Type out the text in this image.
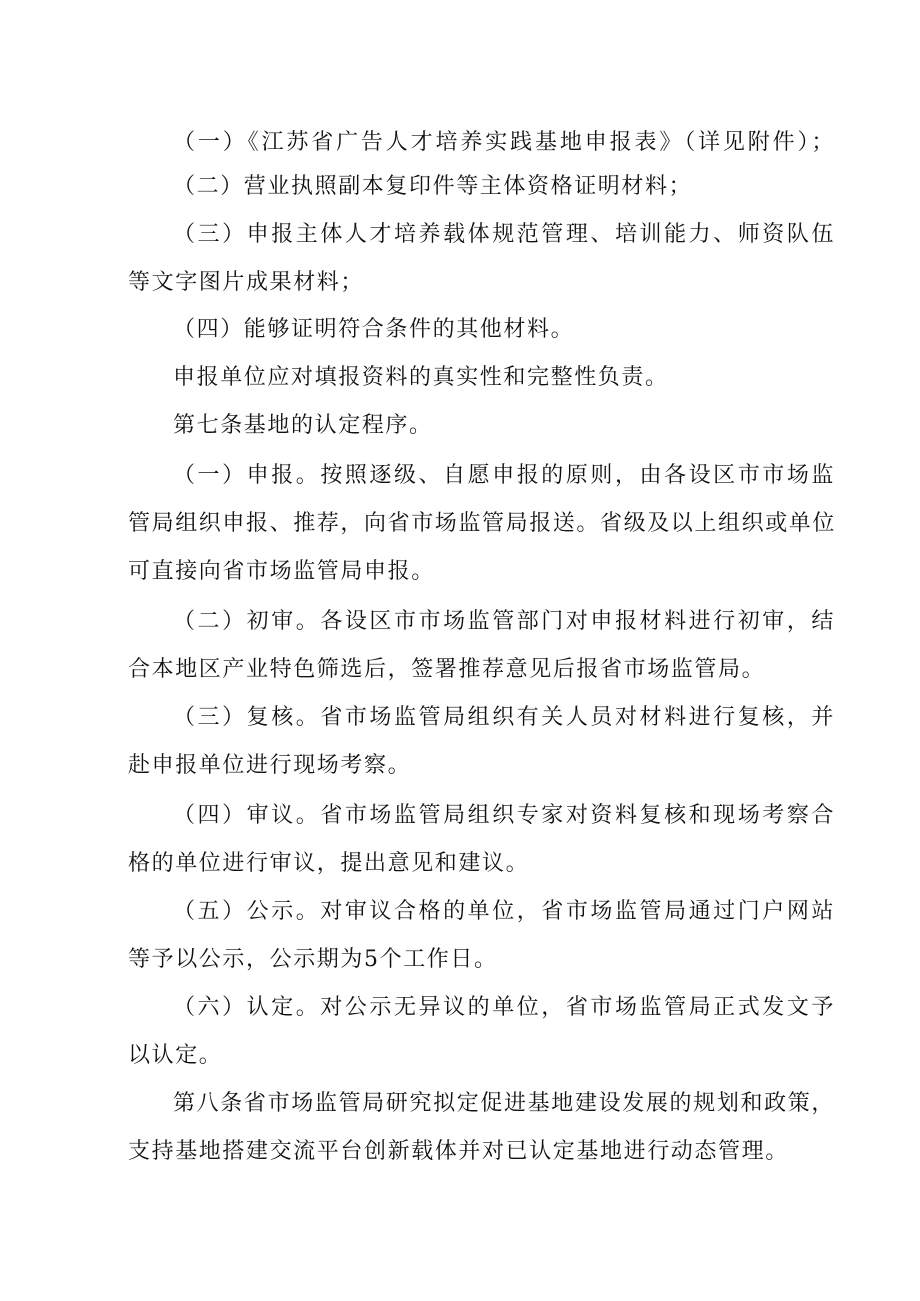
（一）《江苏省广告人才培养实践基地申报表》（详见附件）；
（二）营业执照副本复印件等主体资格证明材料；
（三）申报主体人才培养载体规范管理、培训能力、师资队伍
等文字图片成果材料；
（四）能够证明符合条件的其他材料。
申报单位应对填报资料的真实性和完整性负责。
第七条基地的认定程序。
（一）申报。按照逐级、自愿申报的原则，由各设区市市场监
管局组织申报、推荐，向省市场监管局报送。省级及以上组织或单位
可直接向省市场监管局申报。
（二）初审。各设区市市场监管部门对申报材料进行初审，结
合本地区产业特色筛选后，签署推荐意见后报省市场监管局。
（三）复核。省市场监管局组织有关人员对材料进行复核，并
赴申报单位进行现场考察。
（四）审议。省市场监管局组织专家对资料复核和现场考察合
格的单位进行审议，提出意见和建议。
（五）公示。对审议合格的单位，省市场监管局通过门户网站
等予以公示，公示期为5个工作日。
（六）认定。对公示无异议的单位，省市场监管局正式发文予
以认定。
第八条省市场监管局研究拟定促进基地建设发展的规划和政策，
支持基地搭建交流平台创新载体并对已认定基地进行动态管理。
